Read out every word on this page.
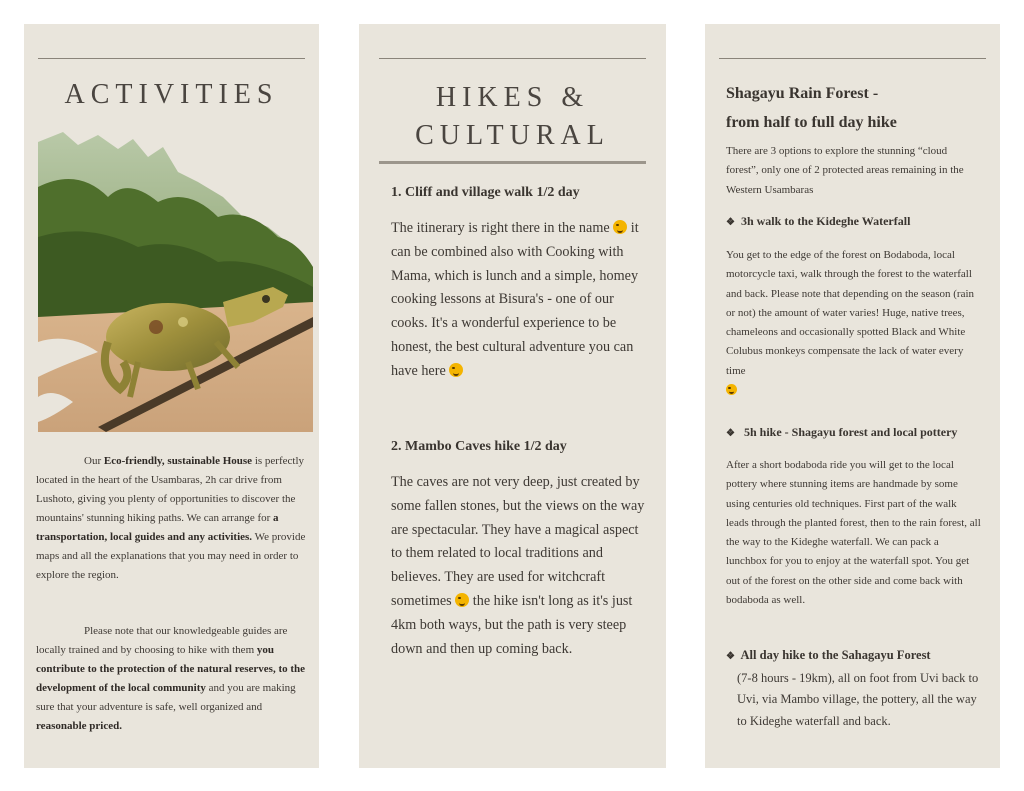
ACTIVITIES

Our Eco-friendly, sustainable House is perfectly located in the heart of the Usambaras, 2h car drive from Lushoto, giving you plenty of opportunities to discover the mountains' stunning hiking paths. We can arrange for a transportation, local guides and any activities. We provide maps and all the explanations that you may need in order to explore the region.

Please note that our knowledgeable guides are locally trained and by choosing to hike with them you contribute to the protection of the natural reserves, to the development of the local community and you are making sure that your adventure is safe, well organized and reasonable priced.

HIKES &
CULTURAL
1. Cliff and village walk 1/2 day
The itinerary is right there in the name  it can be combined also with Cooking with Mama, which is lunch and a simple, homey cooking lessons at Bisura's - one of our cooks. It's a wonderful experience to be honest, the best cultural adventure you can have here
2. Mambo Caves hike 1/2 day
The caves are not very deep, just created by some fallen stones, but the views on the way are spectacular. They have a magical aspect to them related to local traditions and believes. They are used for witchcraft sometimes  the hike isn't long as it's just 4km both ways, but the path is very steep down and then up coming back.
Shagayu Rain Forest -
from half to full day hike
There are 3 options to explore the stunning “cloud forest”, only one of 2 protected areas remaining in the Western Usambaras
❖ 3h walk to the Kideghe Waterfall
You get to the edge of the forest on Bodaboda, local motorcycle taxi, walk through the forest to the waterfall and back. Please note that depending on the season (rain or not) the amount of water varies! Huge, native trees, chameleons and occasionally spotted Black and White Colubus monkeys compensate the lack of water every time

❖ 5h hike - Shagayu forest and local pottery
After a short bodaboda ride you will get to the local pottery where stunning items are handmade by some using centuries old techniques. First part of the walk leads through the planted forest, then to the rain forest, all the way to the Kideghe waterfall. We can pack a lunchbox for you to enjoy at the waterfall spot. You get out of the forest on the other side and come back with bodaboda as well.
❖ All day hike to the Sahagayu Forest
(7-8 hours - 19km), all on foot from Uvi back to Uvi, via Mambo village, the pottery, all the way to Kideghe waterfall and back.
